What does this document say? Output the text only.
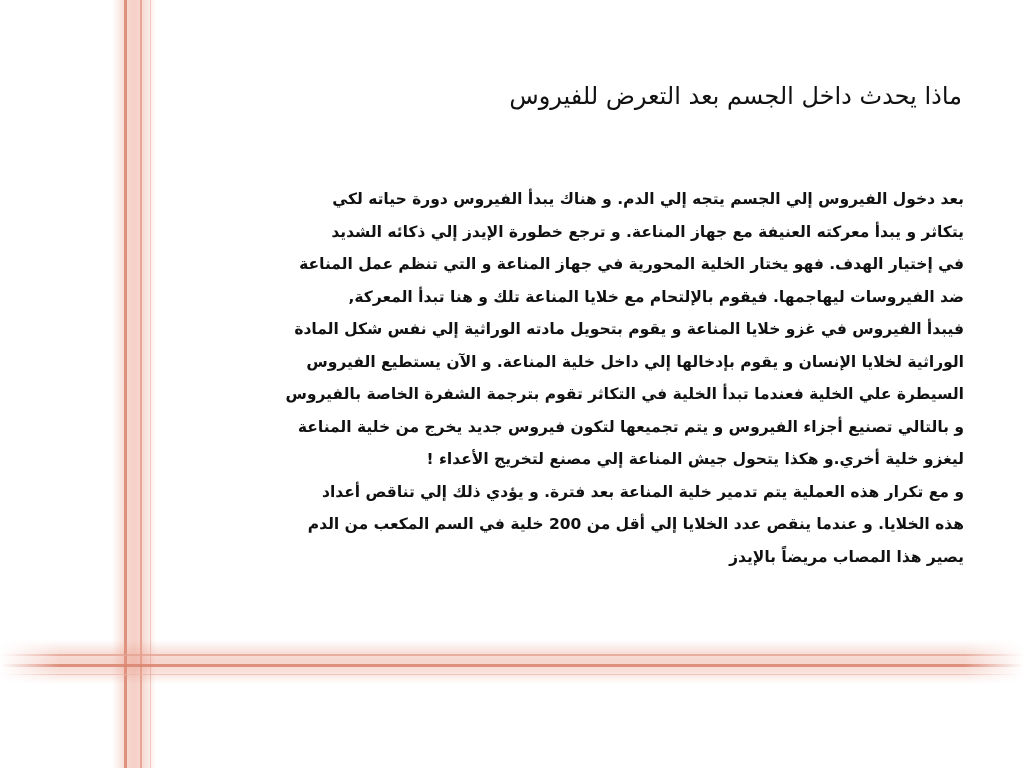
ماذا يحدث داخل الجسم بعد التعرض للفيروس
بعد دخول الفيروس إلي الجسم يتجه إلي الدم. و هناك يبدأ الفيروس دورة حياته لكي
يتكاثر و يبدأ معركته العنيفة مع جهاز المناعة. و ترجع خطورة الإيدز إلي ذكائه الشديد
في إختيار الهدف. فهو يختار الخلية المحورية في جهاز المناعة و التي تنظم عمل المناعة
ضد الفيروسات ليهاجمها. فيقوم بالإلتحام مع خلايا المناعة تلك و هنا تبدأ المعركة,
فيبدأ الفيروس في غزو خلايا المناعة و يقوم بتحويل مادته الوراثية إلي نفس شكل المادة
الوراثية لخلايا الإنسان و يقوم بإدخالها إلي داخل خلية المناعة. و الآن يستطيع الفيروس
السيطرة علي الخلية فعندما تبدأ الخلية في التكاثر تقوم بترجمة الشفرة الخاصة بالفيروس
و بالتالي تصنيع أجزاء الفيروس و يتم تجميعها لتكون فيروس جديد يخرج من خلية المناعة
ليغزو خلية أخري.و هكذا يتحول جيش المناعة إلي مصنع لتخريج الأعداء !
و مع تكرار هذه العملية يتم تدمير خلية المناعة بعد فترة. و يؤدي ذلك إلي تناقص أعداد
هذه الخلايا. و عندما ينقص عدد الخلايا إلي أقل من 200 خلية في السم المكعب من الدم
يصير هذا المصاب مريضاً بالإيدز
